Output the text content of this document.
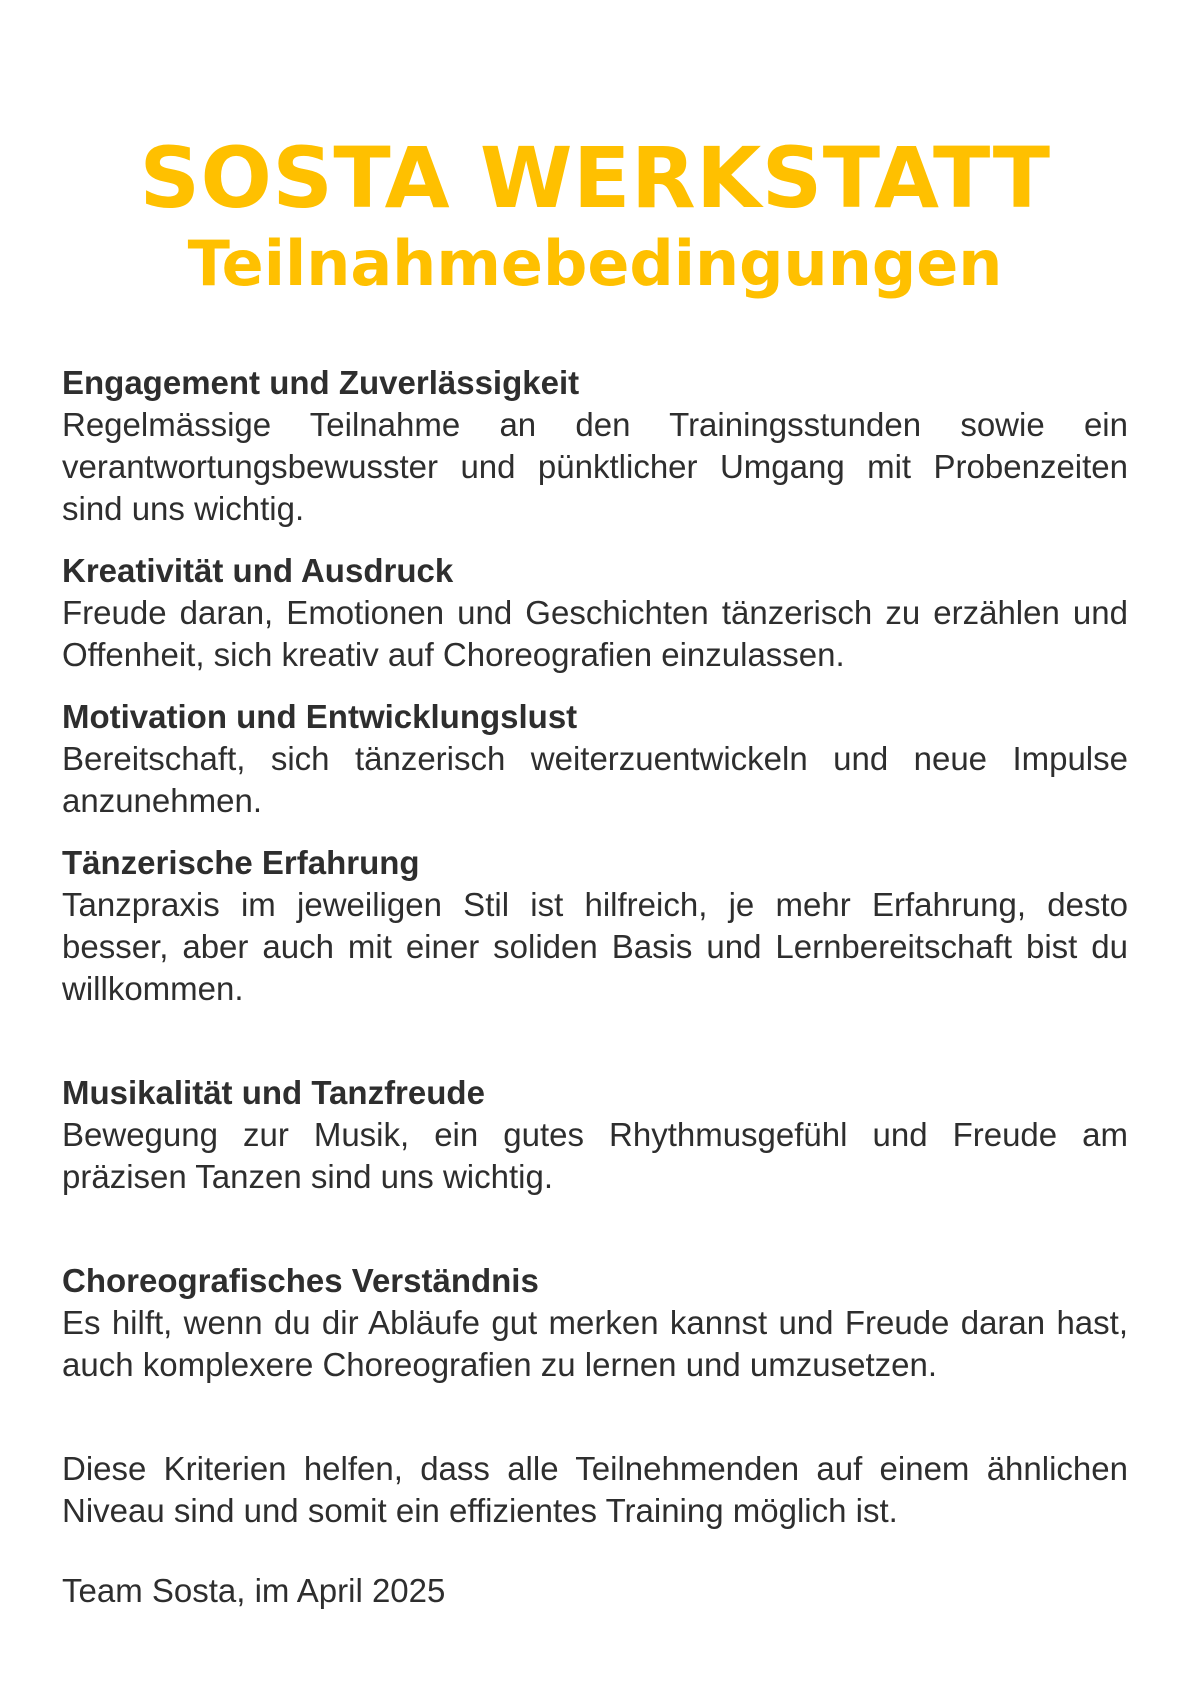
SOSTA WERKSTATT
Teilnahmebedingungen

Engagement und Zuverlässigkeit

Regelmässige Teilnahme an den Trainingsstunden sowie ein verantwortungsbewusster und pünktlicher Umgang mit Probenzeiten sind uns wichtig.

Kreativität und Ausdruck

Freude daran, Emotionen und Geschichten tänzerisch zu erzählen und Offenheit, sich kreativ auf Choreografien einzulassen.

Motivation und Entwicklungslust

Bereitschaft, sich tänzerisch weiterzuentwickeln und neue Impulse anzunehmen.

Tänzerische Erfahrung

Tanzpraxis im jeweiligen Stil ist hilfreich, je mehr Erfahrung, desto besser, aber auch mit einer soliden Basis und Lernbereitschaft bist du willkommen.

Musikalität und Tanzfreude

Bewegung zur Musik, ein gutes Rhythmusgefühl und Freude am präzisen Tanzen sind uns wichtig.

Choreografisches Verständnis

Es hilft, wenn du dir Abläufe gut merken kannst und Freude daran hast, auch komplexere Choreografien zu lernen und umzusetzen.

Diese Kriterien helfen, dass alle Teilnehmenden auf einem ähnlichen Niveau sind und somit ein effizientes Training möglich ist.

Team Sosta, im April 2025
